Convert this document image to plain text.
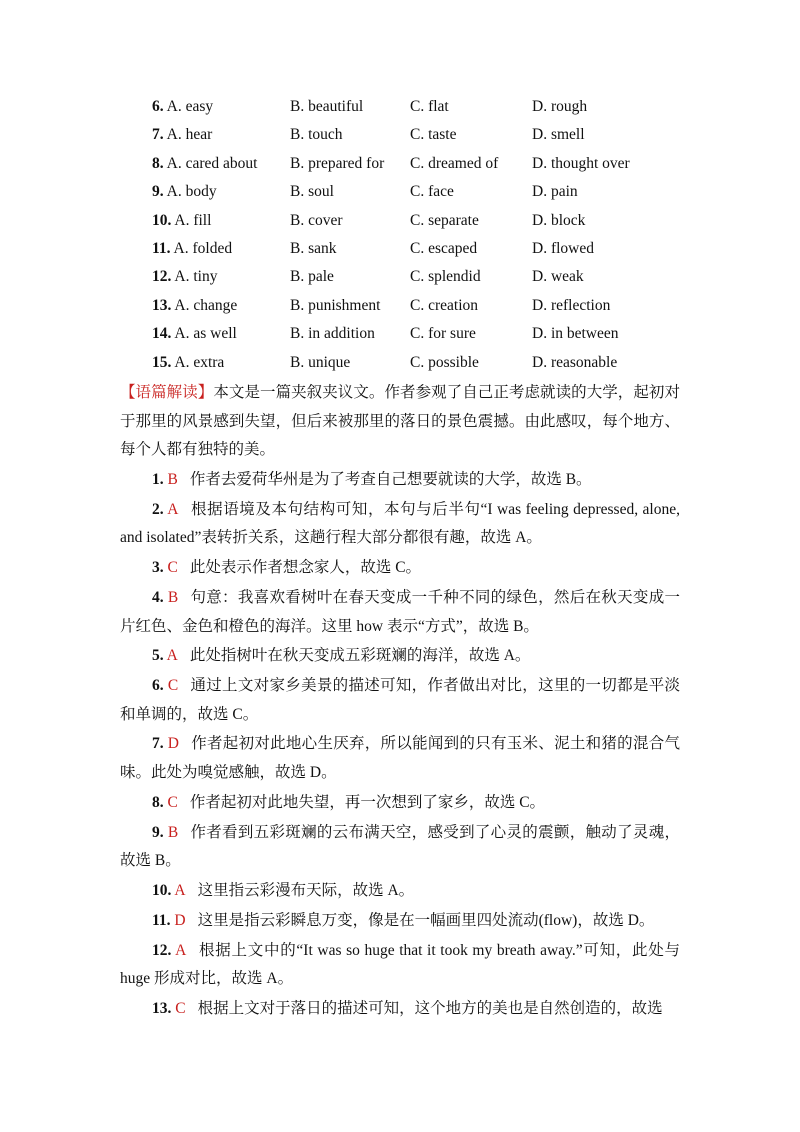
6. A. easy	B. beautiful	C. flat	D. rough
7. A. hear	B. touch	C. taste	D. smell
8. A. cared about B. prepared for C. dreamed of D. thought over
9. A. body	B. soul	C. face	D. pain
10. A. fill	B. cover	C. separate	D. block
11. A. folded	B. sank	C. escaped	D. flowed
12. A. tiny	B. pale	C. splendid	D. weak
13. A. change	B. punishment C. creation	D. reflection
14. A. as well	B. in addition C. for sure	D. in between
15. A. extra	B. unique	C. possible	D. reasonable

【语篇解读】本文是一篇夹叙夹议文。作者参观了自己正考虑就读的大学，起初对于那里的风景感到失望，但后来被那里的落日的景色震撼。由此感叹，每个地方、每个人都有独特的美。

1. B 作者去爱荷华州是为了考查自己想要就读的大学，故选 B。

2. A 根据语境及本句结构可知，本句与后半句“I was feeling depressed, alone, and isolated”表转折关系，这趟行程大部分都很有趣，故选 A。

3. C 此处表示作者想念家人，故选 C。

4. B 句意：我喜欢看树叶在春天变成一千种不同的绿色，然后在秋天变成一片红色、金色和橙色的海洋。这里 how 表示“方式”，故选 B。

5. A 此处指树叶在秋天变成五彩斑斓的海洋，故选 A。

6. C 通过上文对家乡美景的描述可知，作者做出对比，这里的一切都是平淡和单调的，故选 C。

7. D 作者起初对此地心生厌弃，所以能闻到的只有玉米、泥土和猪的混合气味。此处为嗅觉感触，故选 D。

8. C 作者起初对此地失望，再一次想到了家乡，故选 C。

9. B 作者看到五彩斑斓的云布满天空，感受到了心灵的震颤，触动了灵魂，故选 B。

10. A 这里指云彩漫布天际，故选 A。

11. D 这里是指云彩瞬息万变，像是在一幅画里四处流动(flow)，故选 D。

12. A 根据上文中的“It was so huge that it took my breath away.”可知，此处与 huge 形成对比，故选 A。

13. C 根据上文对于落日的描述可知，这个地方的美也是自然创造的，故选
